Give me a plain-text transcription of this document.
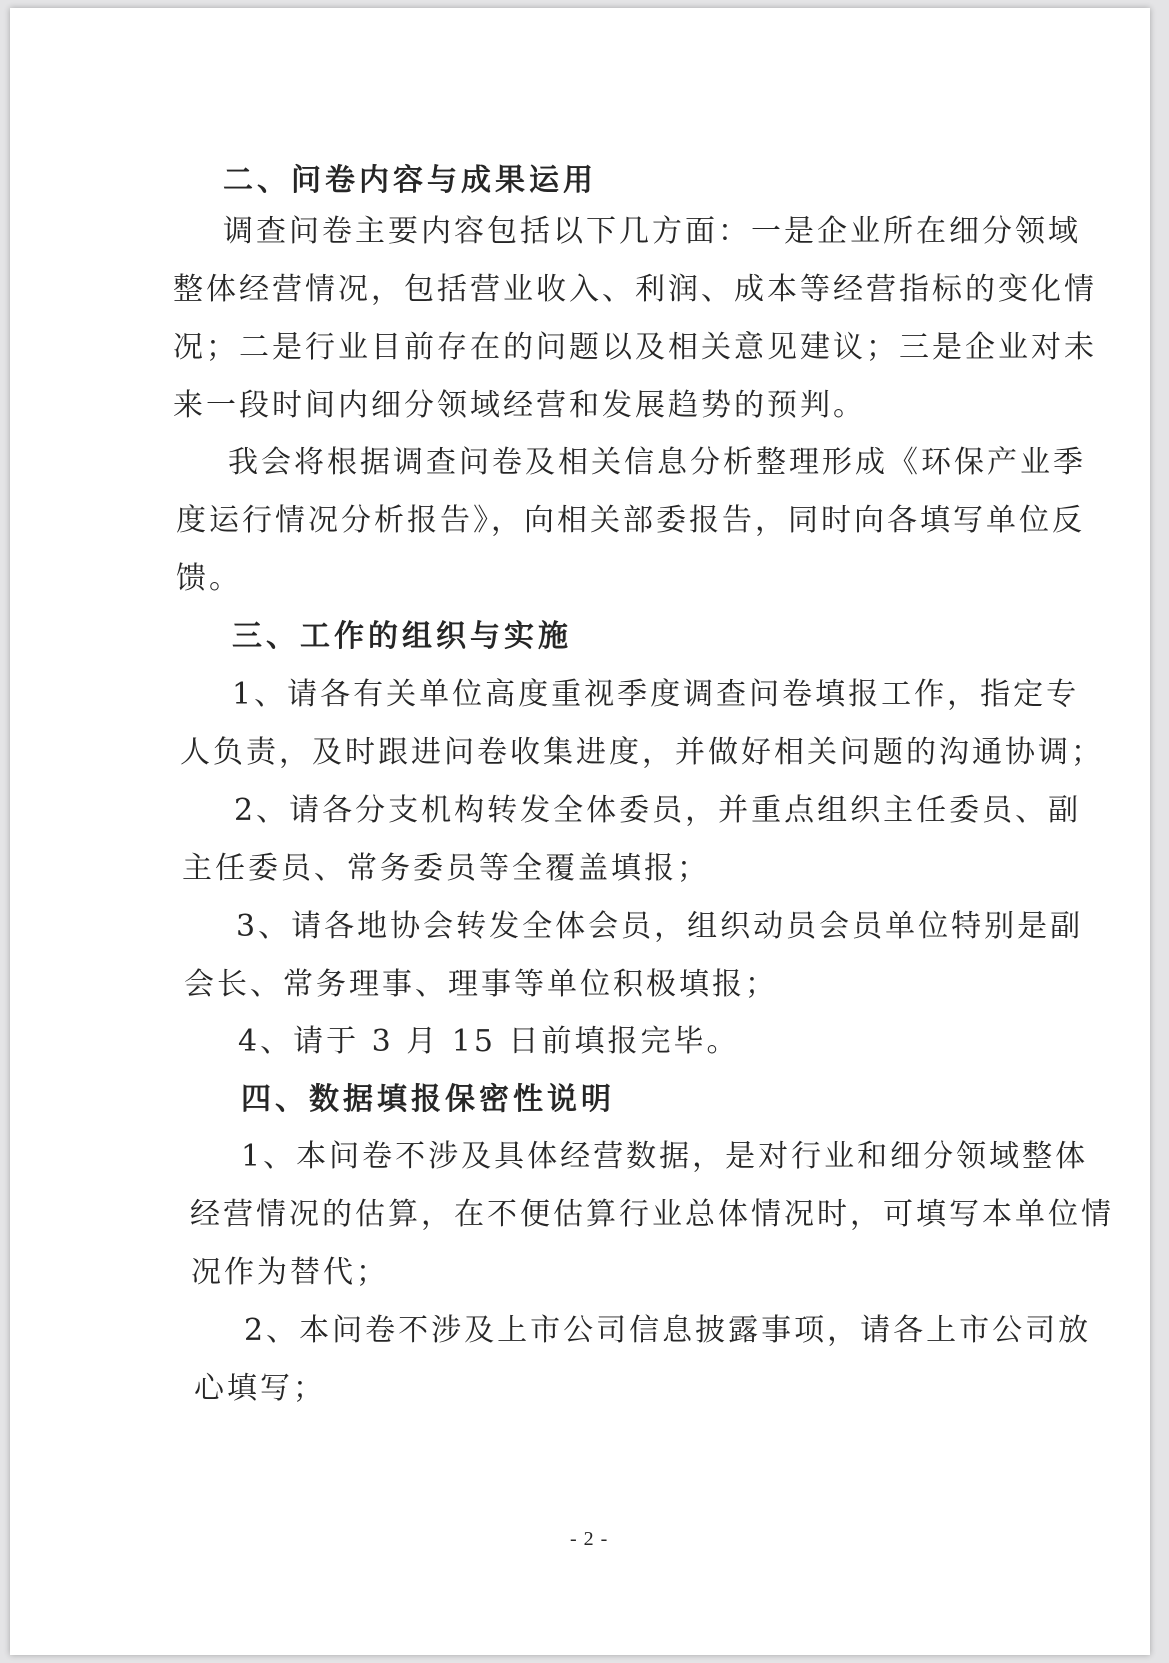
二、问卷内容与成果运用
调查问卷主要内容包括以下几方面：一是企业所在细分领域
整体经营情况，包括营业收入、利润、成本等经营指标的变化情
况；二是行业目前存在的问题以及相关意见建议；三是企业对未
来一段时间内细分领域经营和发展趋势的预判。
我会将根据调查问卷及相关信息分析整理形成《环保产业季
度运行情况分析报告》，向相关部委报告，同时向各填写单位反
馈。
三、工作的组织与实施
1、请各有关单位高度重视季度调查问卷填报工作，指定专
人负责，及时跟进问卷收集进度，并做好相关问题的沟通协调；
2、请各分支机构转发全体委员，并重点组织主任委员、副
主任委员、常务委员等全覆盖填报；
3、请各地协会转发全体会员，组织动员会员单位特别是副
会长、常务理事、理事等单位积极填报；
4、请于 3 月 15 日前填报完毕。
四、数据填报保密性说明
1、本问卷不涉及具体经营数据，是对行业和细分领域整体
经营情况的估算，在不便估算行业总体情况时，可填写本单位情
况作为替代；
2、本问卷不涉及上市公司信息披露事项，请各上市公司放
心填写；
- 2 -
